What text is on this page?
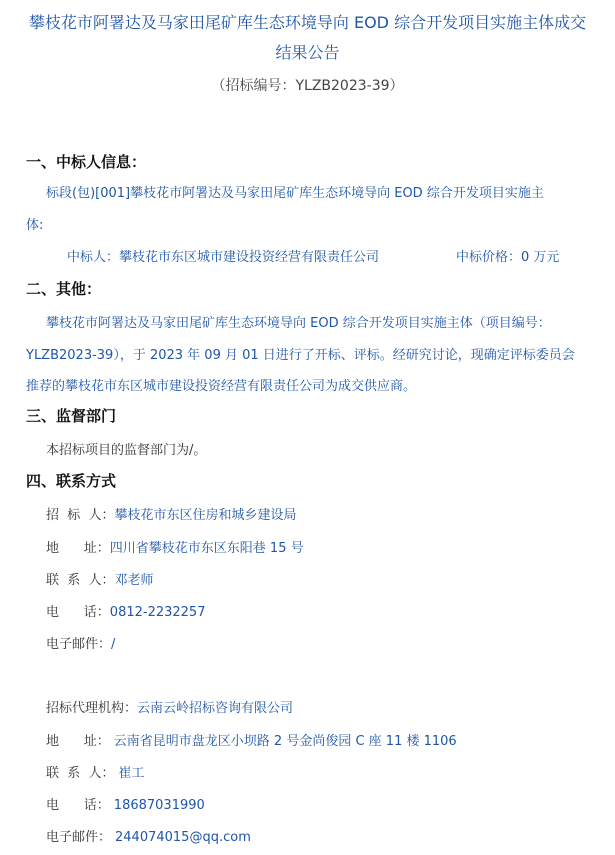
攀枝花市阿署达及马家田尾矿库生态环境导向 EOD 综合开发项目实施主体成交
结果公告
（招标编号：YLZB2023-39）
一、中标人信息：
标段(包)[001]攀枝花市阿署达及马家田尾矿库生态环境导向 EOD 综合开发项目实施主
体:
中标人：攀枝花市东区城市建设投资经营有限责任公司	中标价格：0 万元
二、其他：
攀枝花市阿署达及马家田尾矿库生态环境导向 EOD 综合开发项目实施主体（项目编号：
YLZB2023-39），于 2023 年 09 月 01 日进行了开标、评标。经研究讨论，现确定评标委员会
推荐的攀枝花市东区城市建设投资经营有限责任公司为成交供应商。
三、监督部门
本招标项目的监督部门为/。
四、联系方式
招  标  人：攀枝花市东区住房和城乡建设局
地      址：四川省攀枝花市东区东阳巷 15 号
联  系  人：邓老师
电      话：0812-2232257
电子邮件：/
招标代理机构：云南云岭招标咨询有限公司
地      址： 云南省昆明市盘龙区小坝路 2 号金尚俊园 C 座 11 楼 1106
联  系  人： 崔工
电      话： 18687031990
电子邮件： 244074015@qq.com
